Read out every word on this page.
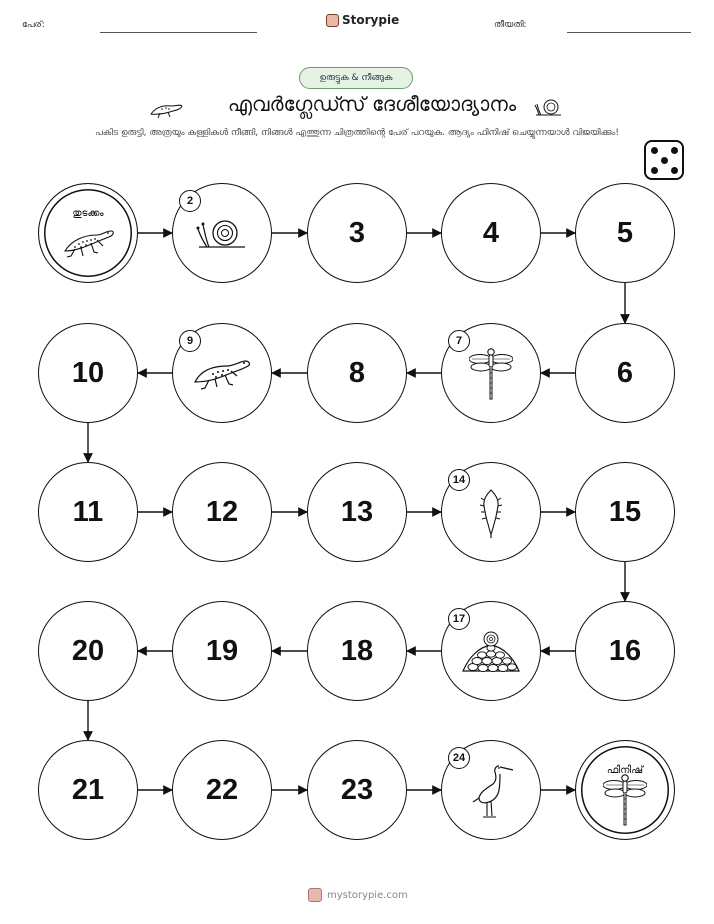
പേര്:	Storypie	തീയതി:
ഉരുട്ടുക & നീങ്ങുക
എവർഗ്ലേഡ്സ് ദേശീയോദ്യാനം
പകിട ഉരുട്ടി, അത്രയും കള്ളികൾ നീങ്ങി, നിങ്ങൾ എത്തുന്ന ചിത്രത്തിന്റെ പേര് പറയുക. ആദ്യം ഫിനിഷ് ചെയ്യുന്നയാൾ വിജയിക്കും!
തുടക്കം
2
3	4	5
6
7
8
9
10
11	12	13
14
15
16
17
18
19
20
21	22	23
24
ഫിനിഷ്
mystorypie.com
